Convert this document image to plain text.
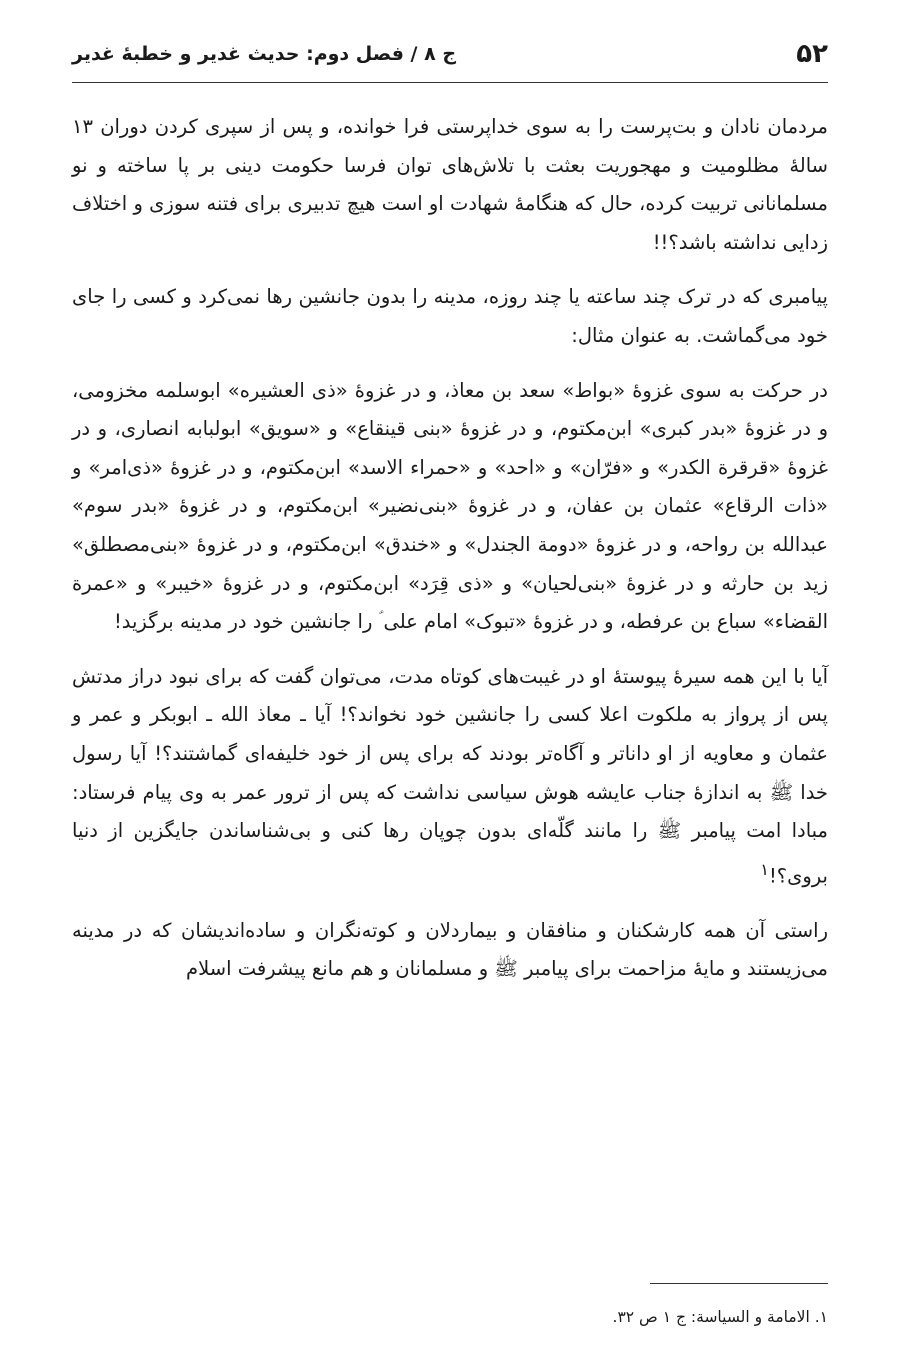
۵۲
ج ۸ / فصل دوم: حدیث غدیر و خطبهٔ غدیر

مردمان نادان و بت‌پرست را به سوی خداپرستی فرا خوانده، و پس از سپری کردن دوران ۱۳ سالهٔ مظلومیت و مهجوریت بعثت با تلاش‌های توان فرسا حکومت دینی بر پا ساخته و نو مسلمانانی تربیت کرده، حال که هنگامهٔ شهادت او است هیچ تدبیری برای فتنه سوزی و اختلاف زدایی نداشته باشد؟!!

پیامبری که در ترک چند ساعته یا چند روزه، مدینه را بدون جانشین رها نمی‌کرد و کسی را جای خود می‌گماشت. به عنوان مثال:

در حرکت به سوی غزوهٔ «بواط» سعد بن معاذ، و در غزوهٔ «ذی العشیره» ابوسلمه مخزومی، و در غزوهٔ «بدر کبری» ابن‌مکتوم، و در غزوهٔ «بنی قینقاع» و «سویق» ابولبابه انصاری، و در غزوهٔ «قرقرة الکدر» و «فرّان» و «احد» و «حمراء الاسد» ابن‌مکتوم، و در غزوهٔ «ذی‌امر» و «ذات الرقاع» عثمان بن عفان، و در غزوهٔ «بنی‌نضیر» ابن‌مکتوم، و در غزوهٔ «بدر سوم» عبدالله بن رواحه، و در غزوهٔ «دومة الجندل» و «خندق» ابن‌مکتوم، و در غزوهٔ «بنی‌مصطلق» زید بن حارثه و در غزوهٔ «بنی‌لحیان» و «ذی قِرَد» ابن‌مکتوم، و در غزوهٔ «خیبر» و «عمرة القضاء» سباع بن عرفطه، و در غزوهٔ «تبوک» امام علی ؑ را جانشین خود در مدینه برگزید!

آیا با این همه سیرهٔ پیوستهٔ او در غیبت‌های کوتاه مدت، می‌توان گفت که برای نبود دراز مدتش پس از پرواز به ملکوت اعلا کسی را جانشین خود نخواند؟! آیا ـ معاذ الله ـ ابوبکر و عمر و عثمان و معاویه از او داناتر و آگاه‌تر بودند که برای پس از خود خلیفه‌ای گماشتند؟! آیا رسول خدا ﷺ به اندازهٔ جناب عایشه هوش سیاسی نداشت که پس از ترور عمر به وی پیام فرستاد: مبادا امت پیامبر ﷺ را مانند گلّه‌ای بدون چوپان رها کنی و بی‌شناساندن جایگزین از دنیا بروی؟!$^۱$

راستی آن همه کارشکنان و منافقان و بیماردلان و کوته‌نگران و ساده‌اندیشان که در مدینه می‌زیستند و مایهٔ مزاحمت برای پیامبر ﷺ و مسلمانان و هم مانع پیشرفت اسلام

۱. الامامة و السیاسة: ج ۱ ص ۳۲.
